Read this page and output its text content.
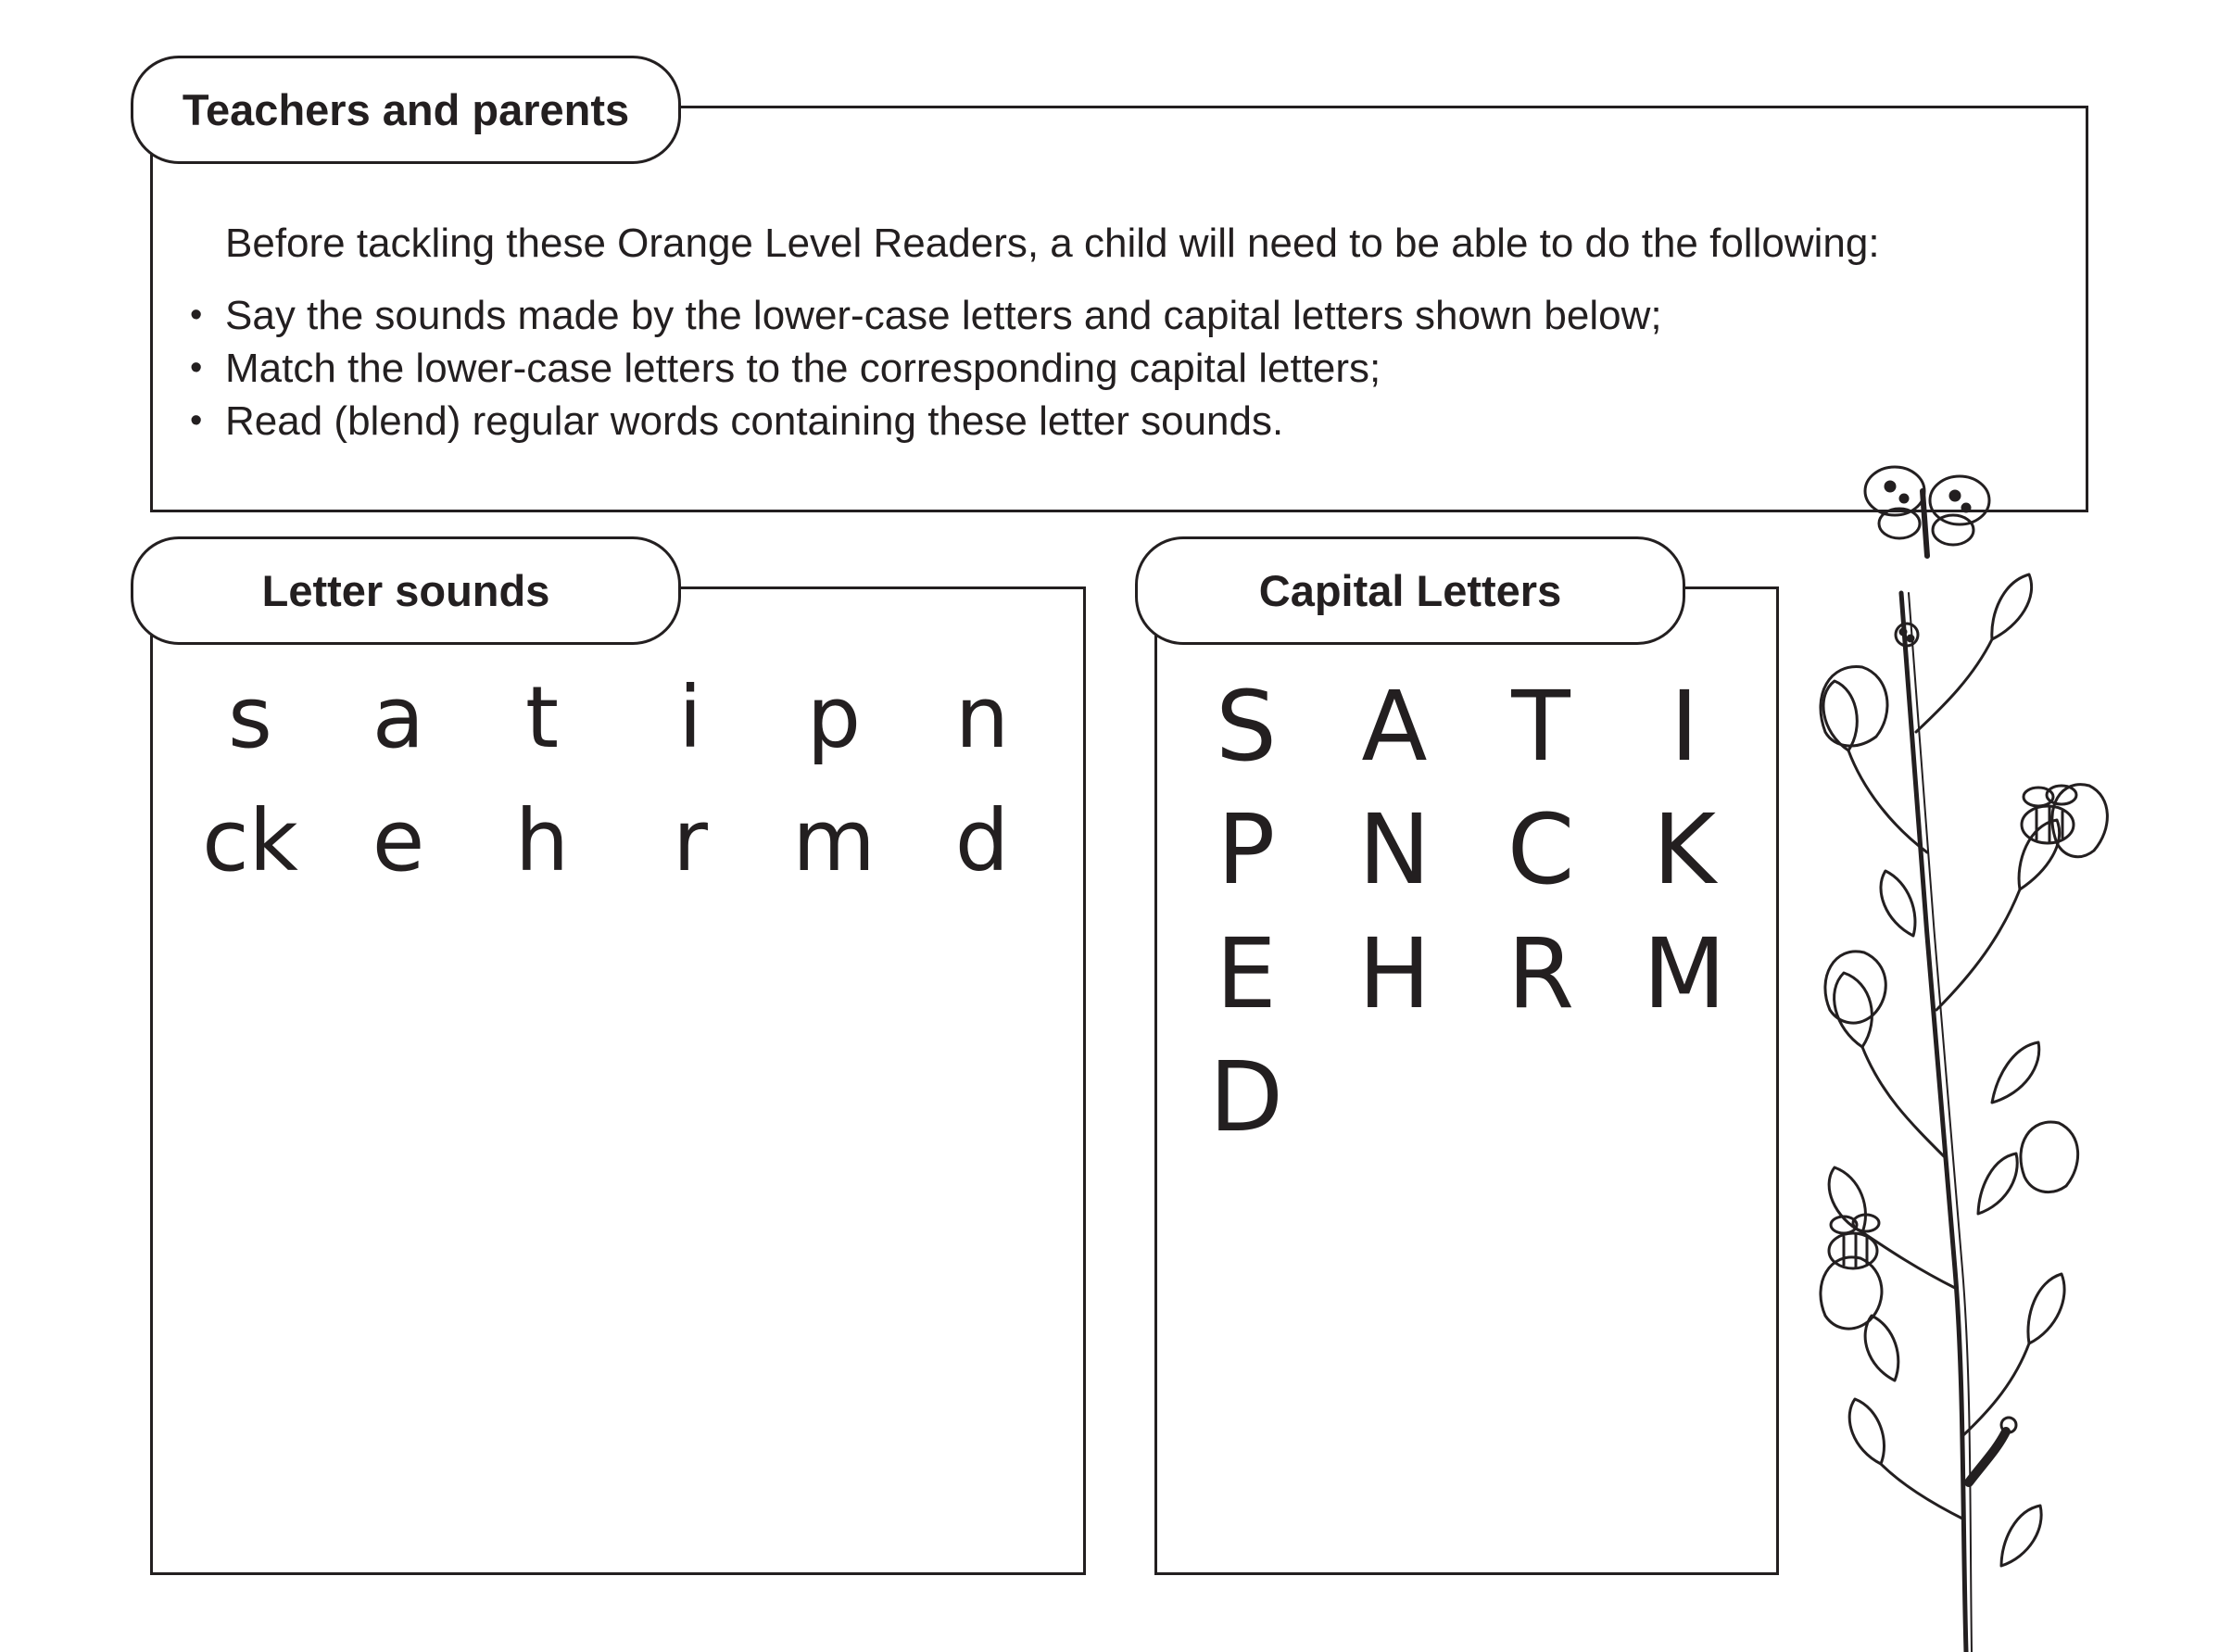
Teachers and parents
Before tackling these Orange Level Readers, a child will need to be able to do the following:
• Say the sounds made by the lower-case letters and capital letters shown below;
• Match the lower-case letters to the corresponding capital letters;
• Read (blend) regular words containing these letter sounds.
Letter sounds
s a t i p n
ck e h r m d
Capital Letters
S A T I
P N C K
E H R M
D
